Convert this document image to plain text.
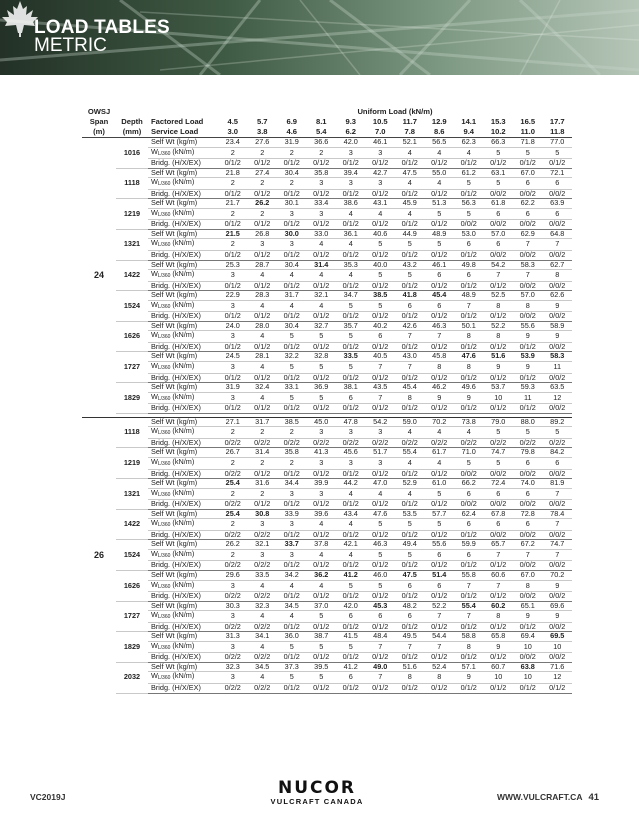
LOAD TABLES
METRIC
OWSJ			Uniform Load (kN/m)											
Span	Depth	Factored Load	4.5	5.7	6.9	8.1	9.3	10.5	11.7	12.9	14.1	15.3	16.5	17.7
(m)	(mm)	Service Load	3.0	3.8	4.6	5.4	6.2	7.0	7.8	8.6	9.4	10.2	11.0	11.8
24	1016	Self Wt (kg/m)	23.4	27.6	31.9	36.6	42.0	46.1	52.1	56.5	62.3	66.3	71.8	77.0
		$W_{L/360}$ (kN/m)	2	2	2	2	3	3	4	4	4	5	5	5
		Bridg. (H/X/EX)	0/1/2	0/1/2	0/1/2	0/1/2	0/1/2	0/1/2	0/1/2	0/1/2	0/1/2	0/1/2	0/1/2	0/1/2
	1118	Self Wt (kg/m)	21.8	27.4	30.4	35.8	39.4	42.7	47.5	55.0	61.2	63.1	67.0	72.1
		$W_{L/360}$ (kN/m)	2	2	2	3	3	3	4	4	5	5	6	6
		Bridg. (H/X/EX)	0/1/2	0/1/2	0/1/2	0/1/2	0/1/2	0/1/2	0/1/2	0/1/2	0/1/2	0/0/2	0/0/2	0/0/2
	1219	Self Wt (kg/m)	21.7	26.2	30.1	33.4	38.6	43.1	45.9	51.3	56.3	61.8	62.2	63.9
		$W_{L/360}$ (kN/m)	2	2	3	3	4	4	4	5	5	6	6	6
		Bridg. (H/X/EX)	0/1/2	0/1/2	0/1/2	0/1/2	0/1/2	0/1/2	0/1/2	0/1/2	0/0/2	0/0/2	0/0/2	0/0/2
	1321	Self Wt (kg/m)	21.5	26.8	30.0	33.0	36.1	40.6	44.9	48.9	53.0	57.0	62.9	64.8
		$W_{L/360}$ (kN/m)	2	3	3	4	4	5	5	5	6	6	7	7
		Bridg. (H/X/EX)	0/1/2	0/1/2	0/1/2	0/1/2	0/1/2	0/1/2	0/1/2	0/1/2	0/1/2	0/0/2	0/0/2	0/0/2
	1422	Self Wt (kg/m)	25.3	28.7	30.4	31.4	35.3	40.0	43.2	46.1	49.8	54.2	58.3	62.7
		$W_{L/360}$ (kN/m)	3	4	4	4	4	5	5	6	6	7	7	8
		Bridg. (H/X/EX)	0/1/2	0/1/2	0/1/2	0/1/2	0/1/2	0/1/2	0/1/2	0/1/2	0/1/2	0/1/2	0/0/2	0/0/2
	1524	Self Wt (kg/m)	22.9	28.3	31.7	32.1	34.7	38.5	41.8	45.4	48.9	52.5	57.0	62.6
		$W_{L/360}$ (kN/m)	3	4	4	4	5	5	6	6	7	8	8	9
		Bridg. (H/X/EX)	0/1/2	0/1/2	0/1/2	0/1/2	0/1/2	0/1/2	0/1/2	0/1/2	0/1/2	0/1/2	0/0/2	0/0/2
	1626	Self Wt (kg/m)	24.0	28.0	30.4	32.7	35.7	40.2	42.6	46.3	50.1	52.2	55.6	58.9
		$W_{L/360}$ (kN/m)	3	4	5	5	5	6	7	7	8	8	9	9
		Bridg. (H/X/EX)	0/1/2	0/1/2	0/1/2	0/1/2	0/1/2	0/1/2	0/1/2	0/1/2	0/1/2	0/1/2	0/1/2	0/0/2
	1727	Self Wt (kg/m)	24.5	28.1	32.2	32.8	33.5	40.5	43.0	45.8	47.6	51.6	53.9	58.3
		$W_{L/360}$ (kN/m)	3	4	5	5	5	7	7	8	8	9	9	11
		Bridg. (H/X/EX)	0/1/2	0/1/2	0/1/2	0/1/2	0/1/2	0/1/2	0/1/2	0/1/2	0/1/2	0/1/2	0/1/2	0/0/2
	1829	Self Wt (kg/m)	31.9	32.4	33.1	36.9	38.1	43.5	45.4	46.2	49.6	53.7	59.3	63.5
		$W_{L/360}$ (kN/m)	3	4	5	5	6	7	8	9	9	10	11	12
		Bridg. (H/X/EX)	0/1/2	0/1/2	0/1/2	0/1/2	0/1/2	0/1/2	0/1/2	0/1/2	0/1/2	0/1/2	0/1/2	0/0/2

26	1118	Self Wt (kg/m)	27.1	31.7	38.5	45.0	47.8	54.2	59.0	70.2	73.8	79.0	88.0	89.2
		$W_{L/360}$ (kN/m)	2	2	2	3	3	3	4	4	4	5	5	5
		Bridg. (H/X/EX)	0/2/2	0/2/2	0/2/2	0/2/2	0/2/2	0/2/2	0/2/2	0/2/2	0/2/2	0/2/2	0/2/2	0/2/2
	1219	Self Wt (kg/m)	26.7	31.4	35.8	41.3	45.6	51.7	55.4	61.7	71.0	74.7	79.8	84.2
		$W_{L/360}$ (kN/m)	2	2	2	3	3	3	4	4	5	5	6	6
		Bridg. (H/X/EX)	0/2/2	0/1/2	0/1/2	0/1/2	0/1/2	0/1/2	0/1/2	0/1/2	0/0/2	0/0/2	0/0/2	0/0/2
	1321	Self Wt (kg/m)	25.4	31.6	34.4	39.9	44.2	47.0	52.9	61.0	66.2	72.4	74.0	81.9
		$W_{L/360}$ (kN/m)	2	2	3	3	4	4	4	5	6	6	6	7
		Bridg. (H/X/EX)	0/2/2	0/1/2	0/1/2	0/1/2	0/1/2	0/1/2	0/1/2	0/1/2	0/0/2	0/0/2	0/0/2	0/0/2
	1422	Self Wt (kg/m)	25.4	30.8	33.9	39.6	43.4	47.6	53.5	57.7	62.4	67.8	72.8	78.4
		$W_{L/360}$ (kN/m)	2	3	3	4	4	5	5	5	6	6	6	7
		Bridg. (H/X/EX)	0/2/2	0/2/2	0/1/2	0/1/2	0/1/2	0/1/2	0/1/2	0/1/2	0/1/2	0/0/2	0/0/2	0/0/2
	1524	Self Wt (kg/m)	26.2	32.1	33.7	37.8	42.1	46.3	49.4	55.6	59.9	65.7	67.2	74.7
		$W_{L/360}$ (kN/m)	2	3	3	4	4	5	5	6	6	7	7	7
		Bridg. (H/X/EX)	0/2/2	0/2/2	0/1/2	0/1/2	0/1/2	0/1/2	0/1/2	0/1/2	0/1/2	0/1/2	0/0/2	0/0/2
	1626	Self Wt (kg/m)	29.6	33.5	34.2	36.2	41.2	46.0	47.5	51.4	55.8	60.6	67.0	70.2
		$W_{L/360}$ (kN/m)	3	4	4	4	5	5	6	6	7	7	8	9
		Bridg. (H/X/EX)	0/2/2	0/2/2	0/1/2	0/1/2	0/1/2	0/1/2	0/1/2	0/1/2	0/1/2	0/1/2	0/0/2	0/0/2
	1727	Self Wt (kg/m)	30.3	32.3	34.5	37.0	42.0	45.3	48.2	52.2	55.4	60.2	65.1	69.6
		$W_{L/360}$ (kN/m)	3	4	4	5	6	6	6	7	7	8	9	9
		Bridg. (H/X/EX)	0/2/2	0/2/2	0/1/2	0/1/2	0/1/2	0/1/2	0/1/2	0/1/2	0/1/2	0/1/2	0/1/2	0/0/2
	1829	Self Wt (kg/m)	31.3	34.1	36.0	38.7	41.5	48.4	49.5	54.4	58.8	65.8	69.4	69.5
		$W_{L/360}$ (kN/m)	3	4	5	5	5	7	7	7	8	9	10	10
		Bridg. (H/X/EX)	0/2/2	0/2/2	0/1/2	0/1/2	0/1/2	0/1/2	0/1/2	0/1/2	0/1/2	0/1/2	0/0/2	0/0/2
	2032	Self Wt (kg/m)	32.3	34.5	37.3	39.5	41.2	49.0	51.6	52.4	57.1	60.7	63.8	71.6
		$W_{L/360}$ (kN/m)	3	4	5	5	6	7	8	8	9	10	10	12
		Bridg. (H/X/EX)	0/2/2	0/2/2	0/1/2	0/1/2	0/1/2	0/1/2	0/1/2	0/1/2	0/1/2	0/1/2	0/1/2	0/1/2
VC2019J	NUCOR
VULCRAFT CANADA	WWW.VULCRAFT.CA 41
